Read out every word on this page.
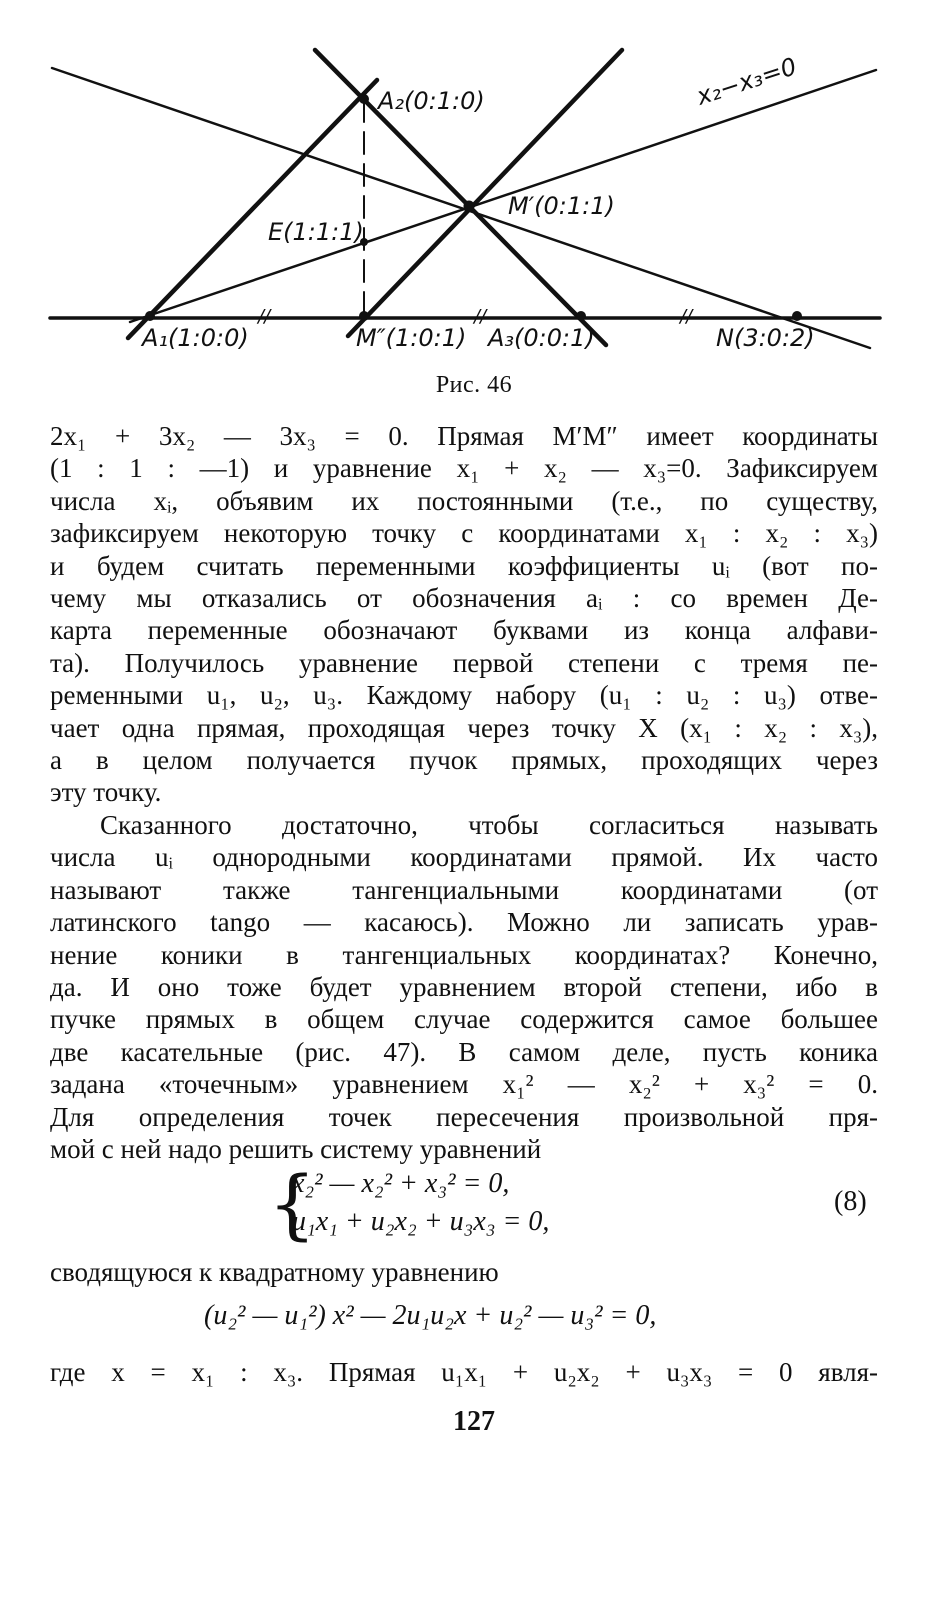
A₂(0:1:0)
M′(0:1:1)
E(1:1:1)
x₂−x₃=0
A₁(1:0:0)	M″(1:0:1) A₃(0:0:1)	N(3:0:2)
//	//	//
Рис. 46

2x₁ + 3x₂ — 3x₃ = 0. Прямая M′M″ имеет координаты

(1 : 1 : —1) и уравнение x₁ + x₂ — x₃=0. Зафиксируем

числа xᵢ, объявим их постоянными (т.е., по существу,

зафиксируем некоторую точку с координатами x₁ : x₂ : x₃)

и будем считать переменными коэффициенты uᵢ (вот по-

чему мы отказались от обозначения aᵢ : со времен Де-

карта переменные обозначают буквами из конца алфави-

та). Получилось уравнение первой степени с тремя пе-

ременными u₁, u₂, u₃. Каждому набору (u₁ : u₂ : u₃) отве-

чает одна прямая, проходящая через точку X (x₁ : x₂ : x₃),

а в целом получается пучок прямых, проходящих через

эту точку.

Сказанного достаточно, чтобы согласиться называть

числа uᵢ однородными координатами прямой. Их часто

называют также тангенциальными координатами (от

латинского tango — касаюсь). Можно ли записать урав-

нение коники в тангенциальных координатах? Конечно,

да. И оно тоже будет уравнением второй степени, ибо в

пучке прямых в общем случае содержится самое большее

две касательные (рис. 47). В самом деле, пусть коника

задана «точечным» уравнением x₁² — x₂² + x₃² = 0.

Для определения точек пересечения произвольной пря-

мой с ней надо решить систему уравнений

{
x₂² — x₂² + x₃² = 0,
u₁x₁ + u₂x₂ + u₃x₃ = 0,
(8)

сводящуюся к квадратному уравнению

(u₂² — u₁²) x² — 2u₁u₂x + u₂² — u₃² = 0,

где x = x₁ : x₃. Прямая u₁x₁ + u₂x₂ + u₃x₃ = 0 явля-

127
